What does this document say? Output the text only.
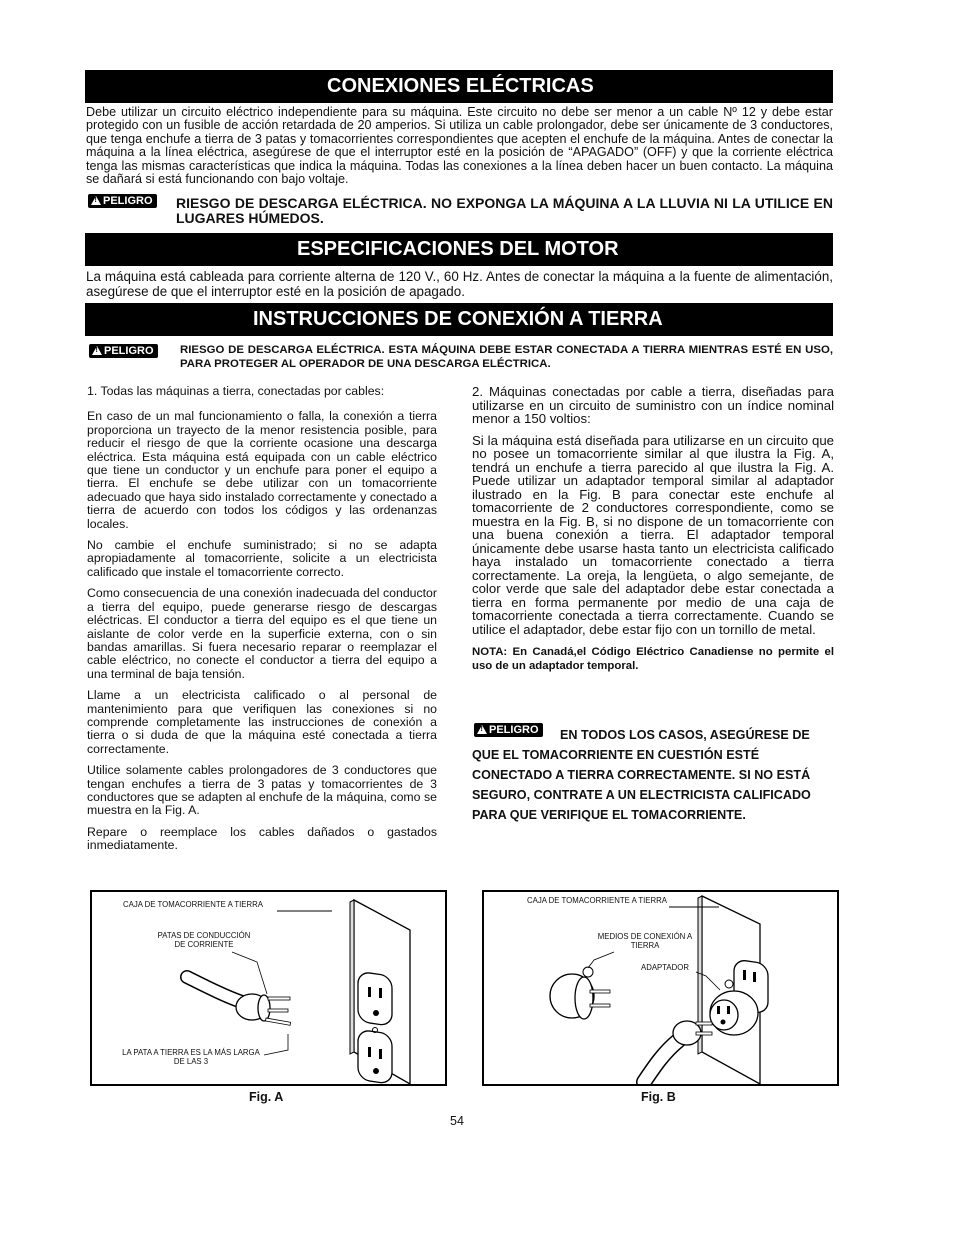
CONEXIONES ELÉCTRICAS
Debe utilizar un circuito eléctrico independiente para su máquina. Este circuito no debe ser menor a un cable Nº 12 y debe estar protegido con un fusible de acción retardada de 20 amperios. Si utiliza un cable prolongador, debe ser únicamente de 3 conductores, que tenga enchufe a tierra de 3 patas y tomacorrientes correspondientes que acepten el enchufe de la máquina. Antes de conectar la máquina a la línea eléctrica, asegúrese de que el interruptor esté en la posición de “APAGADO” (OFF) y que la corriente eléctrica tenga las mismas características que indica la máquina. Todas las conexiones a la línea deben hacer un buen contacto. La máquina se dañará si está funcionando con bajo voltaje.
!PELIGRO RIESGO DE DESCARGA ELÉCTRICA. NO EXPONGA LA MÁQUINA A LA LLUVIA NI LA UTILICE EN LUGARES HÚMEDOS.
ESPECIFICACIONES DEL MOTOR
La máquina está cableada para corriente alterna de 120 V., 60 Hz. Antes de conectar la máquina a la fuente de alimentación, asegúrese de que el interruptor esté en la posición de apagado.
INSTRUCCIONES DE CONEXIÓN A TIERRA
!PELIGRO	RIESGO DE DESCARGA ELÉCTRICA. ESTA MÁQUINA DEBE ESTAR CONECTADA A TIERRA MIENTRAS ESTÉ EN USO, PARA PROTEGER AL OPERADOR DE UNA DESCARGA ELÉCTRICA.

1. Todas las máquinas a tierra, conectadas por cables:

En caso de un mal funcionamiento o falla, la conexión a tierra proporciona un trayecto de la menor resistencia posible, para reducir el riesgo de que la corriente ocasione una descarga eléctrica. Esta máquina está equipada con un cable eléctrico que tiene un conductor y un enchufe para poner el equipo a tierra. El enchufe se debe utilizar con un tomacorriente adecuado que haya sido instalado correctamente y conectado a tierra de acuerdo con todos los códigos y las ordenanzas locales.

No cambie el enchufe suministrado; si no se adapta apropiadamente al tomacorriente, solicite a un electricista calificado que instale el tomacorriente correcto.

Como consecuencia de una conexión inadecuada del conductor a tierra del equipo, puede generarse riesgo de descargas eléctricas. El conductor a tierra del equipo es el que tiene un aislante de color verde en la superficie externa, con o sin bandas amarillas. Si fuera necesario reparar o reemplazar el cable eléctrico, no conecte el conductor a tierra del equipo a una terminal de baja tensión.

Llame a un electricista calificado o al personal de mantenimiento para que verifiquen las conexiones si no comprende completamente las instrucciones de conexión a tierra o si duda de que la máquina esté conectada a tierra correctamente.

Utilice solamente cables prolongadores de 3 conductores que tengan enchufes a tierra de 3 patas y tomacorrientes de 3 conductores que se adapten al enchufe de la máquina, como se muestra en la Fig. A.

Repare o reemplace los cables dañados o gastados inmediatamente.

2. Máquinas conectadas por cable a tierra, diseñadas para utilizarse en un circuito de suministro con un índice nominal menor a 150 voltios:

Si la máquina está diseñada para utilizarse en un circuito que no posee un tomacorriente similar al que ilustra la Fig. A, tendrá un enchufe a tierra parecido al que ilustra la Fig. A. Puede utilizar un adaptador temporal similar al adaptador ilustrado en la Fig. B para conectar este enchufe al tomacorriente de 2 conductores correspondiente, como se muestra en la Fig. B, si no dispone de un tomacorriente con una buena conexión a tierra. El adaptador temporal únicamente debe usarse hasta tanto un electricista calificado haya instalado un tomacorriente conectado a tierra correctamente. La oreja, la lengüeta, o algo semejante, de color verde que sale del adaptador debe estar conectada a tierra en forma permanente por medio de una caja de tomacorriente conectada a tierra correctamente. Cuando se utilice el adaptador, debe estar fijo con un tornillo de metal.

NOTA: En Canadá,el Código Eléctrico Canadiense no permite el uso de un adaptador temporal.

!PELIGRO	EN TODOS LOS CASOS, ASEGÚRESE DE QUE EL TOMACORRIENTE EN CUESTIÓN ESTÉ CONECTADO A TIERRA CORRECTAMENTE. SI NO ESTÁ SEGURO, CONTRATE A UN ELECTRICISTA CALIFICADO PARA QUE VERIFIQUE EL TOMACORRIENTE.
CAJA DE TOMACORRIENTE A TIERRA
PATAS DE CONDUCCIÓN DE CORRIENTE
LA PATA A TIERRA ES LA MÁS LARGA DE LAS 3
Fig. A
CAJA DE TOMACORRIENTE A TIERRA
MEDIOS DE CONEXIÓN A TIERRA
ADAPTADOR
Fig. B
54
